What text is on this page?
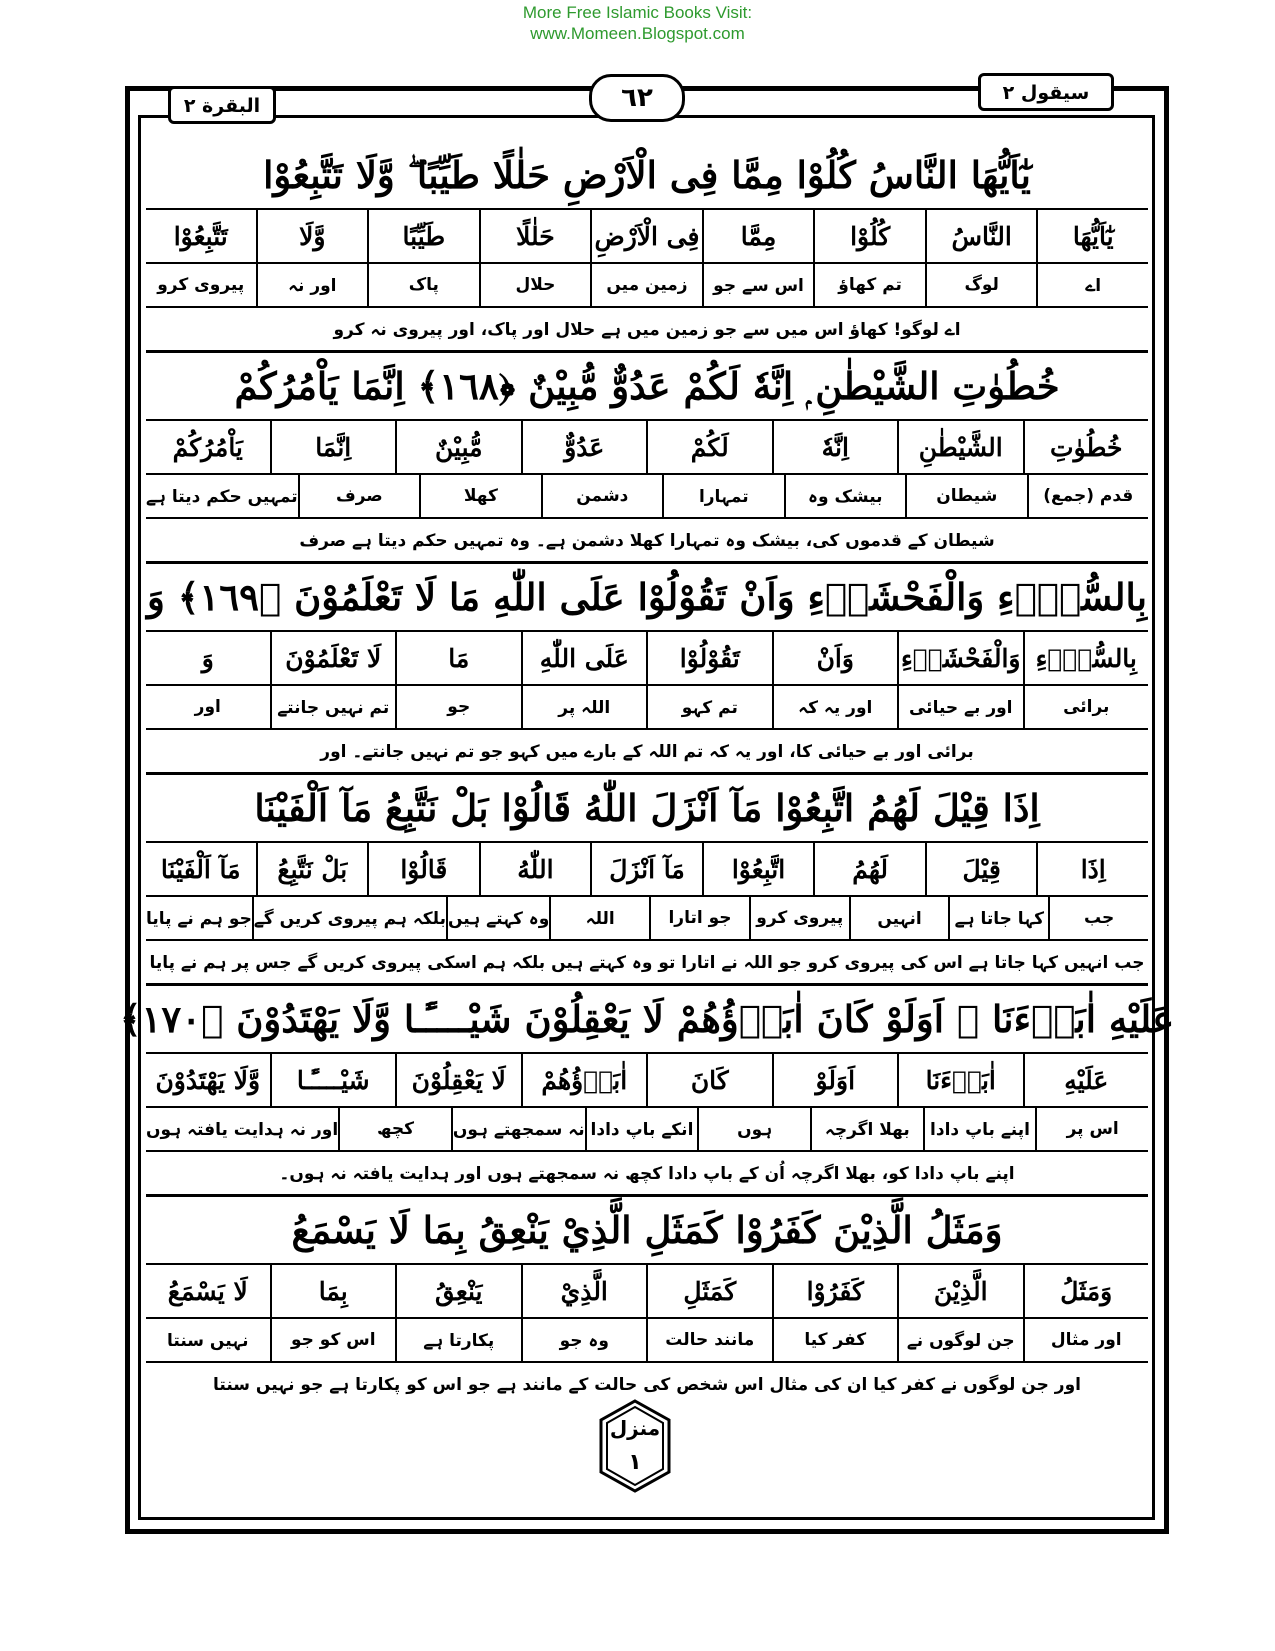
More Free Islamic Books Visit:
www.Momeen.Blogspot.com
سیقول ۲
٦٢
البقرة ۲
يٰٓاَيُّهَا النَّاسُ كُلُوْا مِمَّا فِى الْاَرْضِ حَلٰلًا طَيِّبًا ۖ وَّلَا تَتَّبِعُوْا
يٰٓاَيُّهَا
النَّاسُ
كُلُوْا
مِمَّا
فِى الْاَرْضِ
حَلٰلًا
طَيِّبًا
وَّلَا
تَتَّبِعُوْا
اے
لوگ
تم کھاؤ
اس سے جو
زمین میں
حلال
پاک
اور نہ
پیروی کرو
اے لوگو! کھاؤ اس میں سے جو زمین میں ہے حلال اور پاک، اور پیروی نہ کرو
خُطُوٰتِ الشَّيْطٰنِ ۭ اِنَّهٗ لَكُمْ عَدُوٌّ مُّبِيْنٌ ﴿١٦٨﴾ اِنَّمَا يَاْمُرُكُمْ
خُطُوٰتِ
الشَّيْطٰنِ
اِنَّهٗ
لَكُمْ
عَدُوٌّ
مُّبِيْنٌ
اِنَّمَا
يَاْمُرُكُمْ
قدم (جمع)
شیطان
بیشک وہ
تمہارا
دشمن
کھلا
صرف
تمہیں حکم دیتا ہے
شیطان کے قدموں کی، بیشک وہ تمہارا کھلا دشمن ہے۔ وہ تمہیں حکم دیتا ہے صرف
بِالسُّوْۗءِ وَالْفَحْشَاۗءِ وَاَنْ تَقُوْلُوْا عَلَى اللّٰهِ مَا لَا تَعْلَمُوْنَ ﴿١٦٩﴾ وَ
بِالسُّوْۗءِ
وَالْفَحْشَاۗءِ
وَاَنْ
تَقُوْلُوْا
عَلَى اللّٰهِ
مَا
لَا تَعْلَمُوْنَ
وَ
برائی
اور بے حیائی
اور یہ کہ
تم کہو
اللہ پر
جو
تم نہیں جانتے
اور
برائی اور بے حیائی کا، اور یہ کہ تم اللہ کے بارے میں کہو جو تم نہیں جانتے۔ اور
اِذَا قِيْلَ لَهُمُ اتَّبِعُوْا مَآ اَنْزَلَ اللّٰهُ قَالُوْا بَلْ نَتَّبِعُ مَآ اَلْفَيْنَا
اِذَا
قِيْلَ
لَهُمُ
اتَّبِعُوْا
مَآ اَنْزَلَ
اللّٰهُ
قَالُوْا
بَلْ نَتَّبِعُ
مَآ اَلْفَيْنَا
جب
کہا جاتا ہے
انہیں
پیروی کرو
جو اتارا
اللہ
وہ کہتے ہیں
بلکہ ہم پیروی کریں گے
جو ہم نے پایا
جب انہیں کہا جاتا ہے اس کی پیروی کرو جو اللہ نے اتارا تو وہ کہتے ہیں بلکہ ہم اسکی پیروی کریں گے جس پر ہم نے پایا
عَلَيْهِ اٰبَاۗءَنَا ۭ اَوَلَوْ كَانَ اٰبَاۗؤُهُمْ لَا يَعْقِلُوْنَ شَيْــــًٔـا وَّلَا يَهْتَدُوْنَ ﴿١٧٠﴾
عَلَيْهِ
اٰبَاۗءَنَا
اَوَلَوْ
كَانَ
اٰبَاۗؤُهُمْ
لَا يَعْقِلُوْنَ
شَيْــــًٔـا
وَّلَا يَهْتَدُوْنَ
اس پر
اپنے باپ دادا
بھلا اگرچہ
ہوں
انکے باپ دادا
نہ سمجھتے ہوں
کچھ
اور نہ ہدایت یافتہ ہوں
اپنے باپ دادا کو، بھلا اگرچہ اُن کے باپ دادا کچھ نہ سمجھتے ہوں اور ہدایت یافتہ نہ ہوں۔
وَمَثَلُ الَّذِيْنَ كَفَرُوْا كَمَثَلِ الَّذِيْ يَنْعِقُ بِمَا لَا يَسْمَعُ
وَمَثَلُ
الَّذِيْنَ
كَفَرُوْا
كَمَثَلِ
الَّذِيْ
يَنْعِقُ
بِمَا
لَا يَسْمَعُ
اور مثال
جن لوگوں نے
کفر کیا
مانند حالت
وہ جو
پکارتا ہے
اس کو جو
نہیں سنتا
اور جن لوگوں نے کفر کیا ان کی مثال اس شخص کی حالت کے مانند ہے جو اس کو پکارتا ہے جو نہیں سنتا
منزل
١
